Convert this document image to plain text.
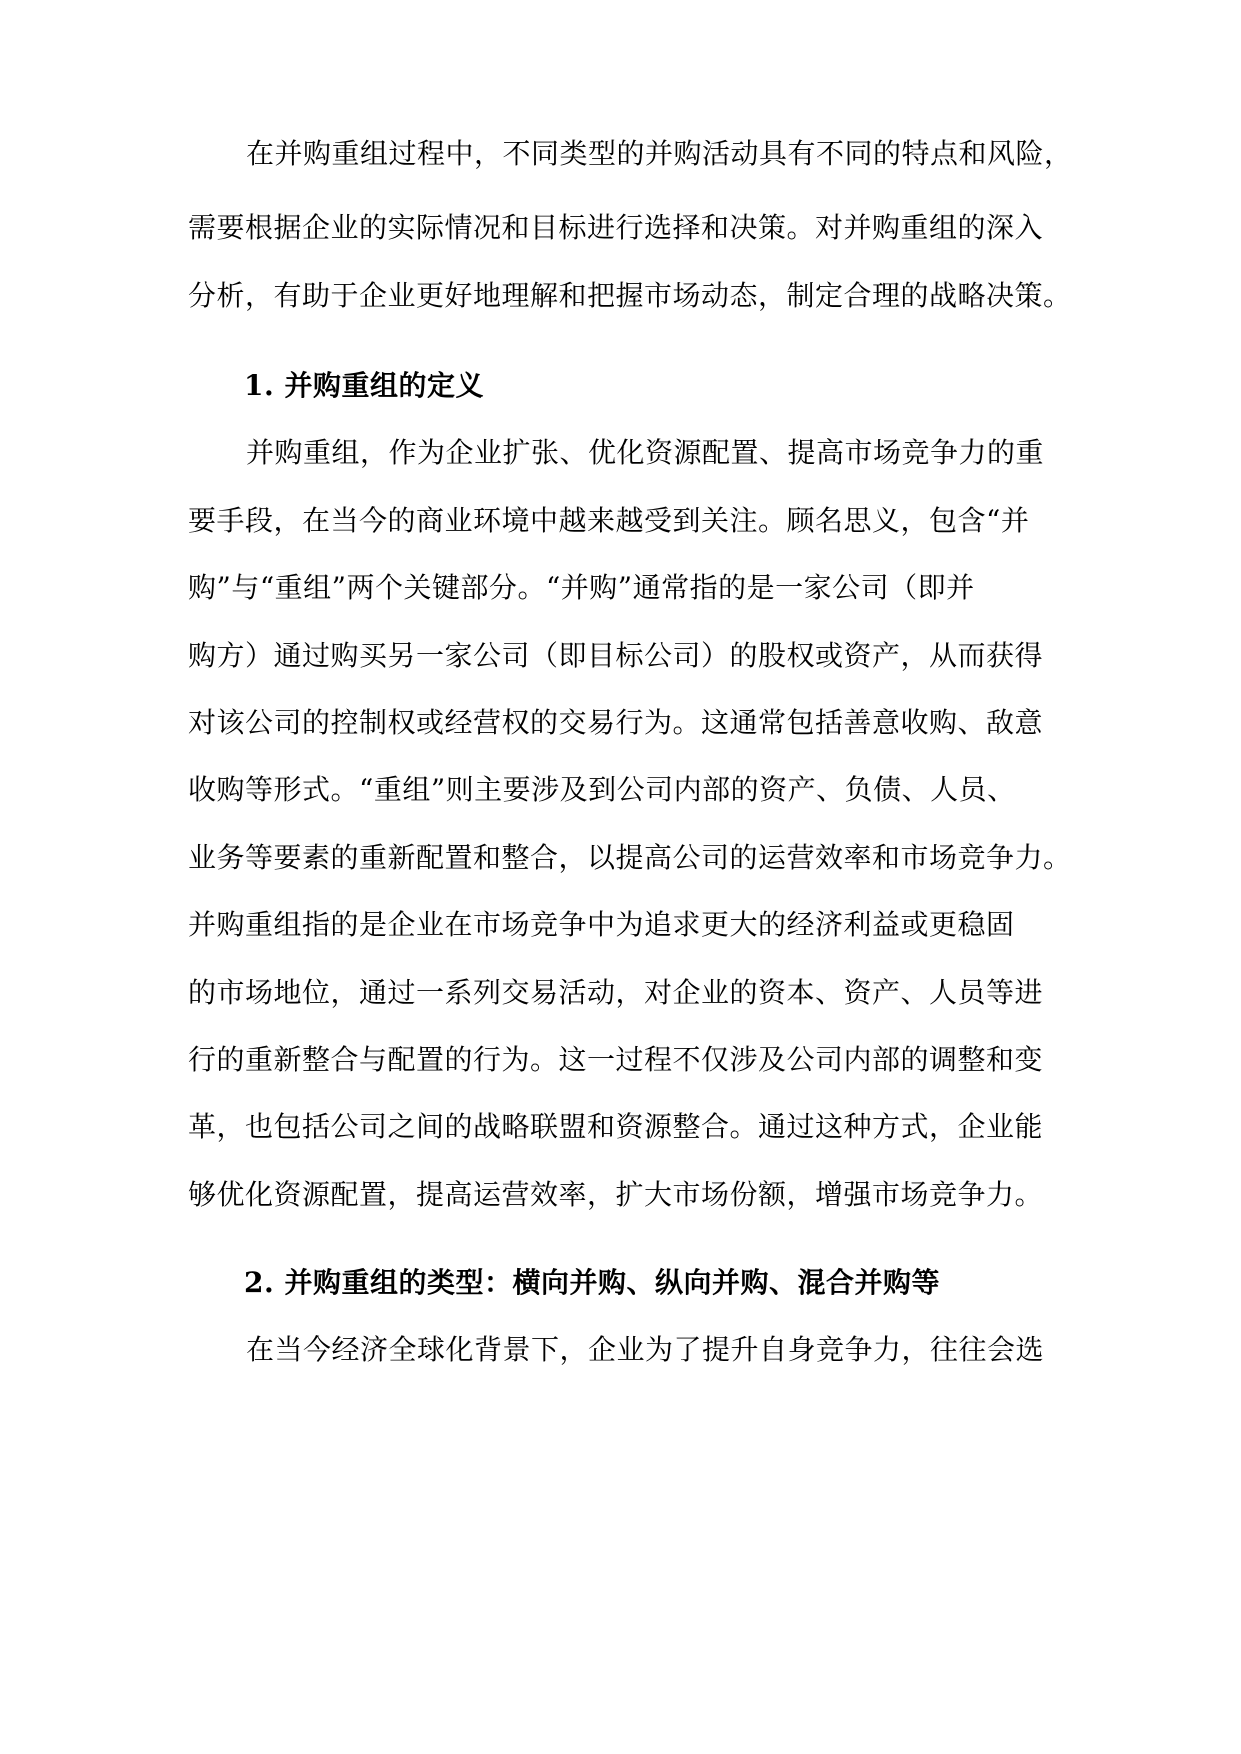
在并购重组过程中，不同类型的并购活动具有不同的特点和风险，
需要根据企业的实际情况和目标进行选择和决策。对并购重组的深入
分析，有助于企业更好地理解和把握市场动态，制定合理的战略决策。
1. 并购重组的定义
并购重组，作为企业扩张、优化资源配置、提高市场竞争力的重
要手段，在当今的商业环境中越来越受到关注。顾名思义，包含“并
购”与“重组”两个关键部分。“并购”通常指的是一家公司（即并
购方）通过购买另一家公司（即目标公司）的股权或资产，从而获得
对该公司的控制权或经营权的交易行为。这通常包括善意收购、敌意
收购等形式。“重组”则主要涉及到公司内部的资产、负债、人员、
业务等要素的重新配置和整合，以提高公司的运营效率和市场竞争力。
并购重组指的是企业在市场竞争中为追求更大的经济利益或更稳固
的市场地位，通过一系列交易活动，对企业的资本、资产、人员等进
行的重新整合与配置的行为。这一过程不仅涉及公司内部的调整和变
革，也包括公司之间的战略联盟和资源整合。通过这种方式，企业能
够优化资源配置，提高运营效率，扩大市场份额，增强市场竞争力。
2. 并购重组的类型：横向并购、纵向并购、混合并购等
在当今经济全球化背景下，企业为了提升自身竞争力，往往会选
